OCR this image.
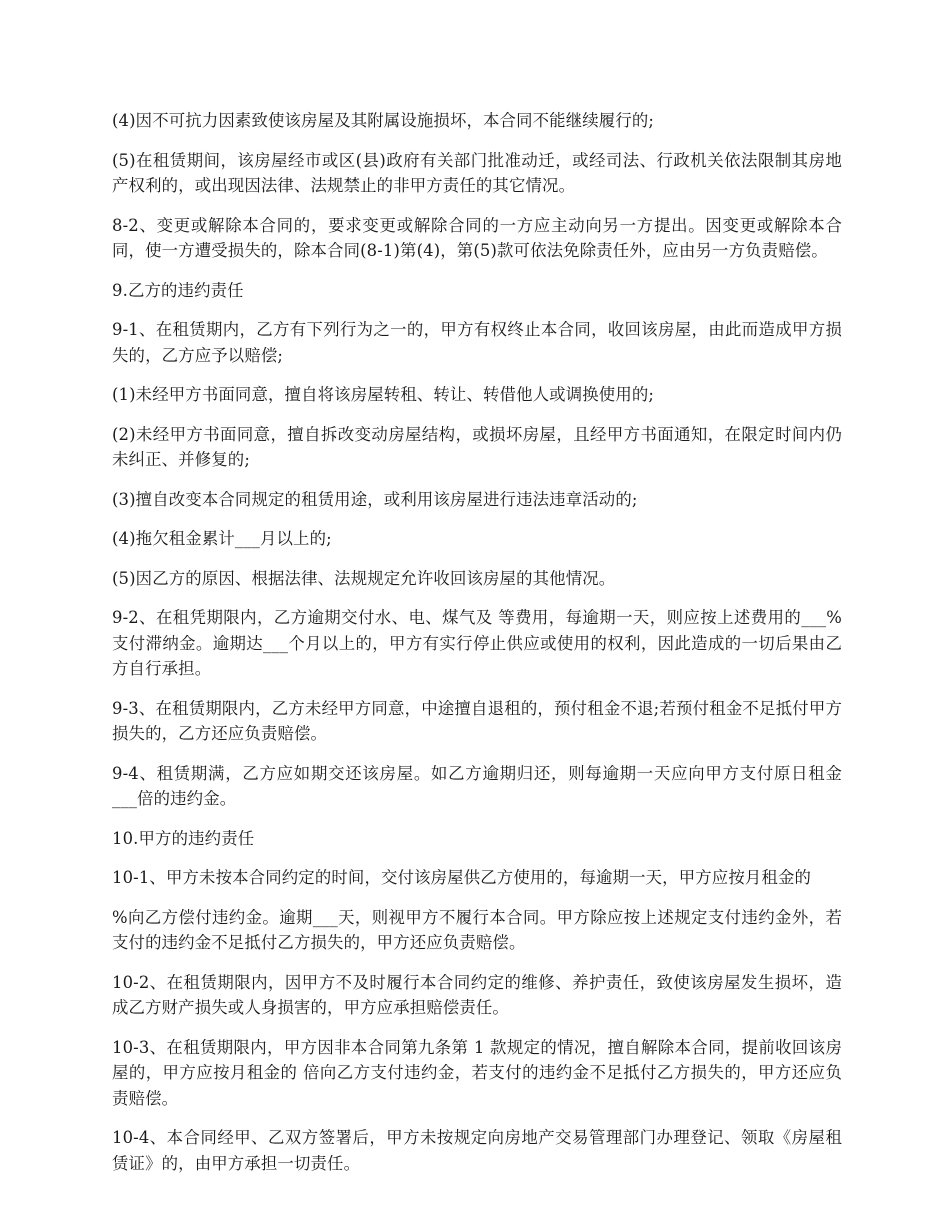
(4)因不可抗力因素致使该房屋及其附属设施损坏，本合同不能继续履行的;

(5)在租赁期间，该房屋经市或区(县)政府有关部门批准动迁，或经司法、行政机关依法限制其房地产权利的，或出现因法律、法规禁止的非甲方责任的其它情况。

8-2、变更或解除本合同的，要求变更或解除合同的一方应主动向另一方提出。因变更或解除本合同，使一方遭受损失的，除本合同(8-1)第(4)，第(5)款可依法免除责任外，应由另一方负责赔偿。

9.乙方的违约责任

9-1、在租赁期内，乙方有下列行为之一的，甲方有权终止本合同，收回该房屋，由此而造成甲方损失的，乙方应予以赔偿;

(1)未经甲方书面同意，擅自将该房屋转租、转让、转借他人或调换使用的;

(2)未经甲方书面同意，擅自拆改变动房屋结构，或损坏房屋，且经甲方书面通知，在限定时间内仍未纠正、并修复的;

(3)擅自改变本合同规定的租赁用途，或利用该房屋进行违法违章活动的;

(4)拖欠租金累计___月以上的;

(5)因乙方的原因、根据法律、法规规定允许收回该房屋的其他情况。

9-2、在租凭期限内，乙方逾期交付水、电、煤气及 等费用，每逾期一天，则应按上述费用的___%支付滞纳金。逾期达___个月以上的，甲方有实行停止供应或使用的权利，因此造成的一切后果由乙方自行承担。

9-3、在租赁期限内，乙方未经甲方同意，中途擅自退租的，预付租金不退;若预付租金不足抵付甲方损失的，乙方还应负责赔偿。

9-4、租赁期满，乙方应如期交还该房屋。如乙方逾期归还，则每逾期一天应向甲方支付原日租金___倍的违约金。

10.甲方的违约责任

10-1、甲方未按本合同约定的时间，交付该房屋供乙方使用的，每逾期一天，甲方应按月租金的

%向乙方偿付违约金。逾期___天，则视甲方不履行本合同。甲方除应按上述规定支付违约金外，若支付的违约金不足抵付乙方损失的，甲方还应负责赔偿。

10-2、在租赁期限内，因甲方不及时履行本合同约定的维修、养护责任，致使该房屋发生损坏，造成乙方财产损失或人身损害的，甲方应承担赔偿责任。

10-3、在租赁期限内，甲方因非本合同第九条第 1 款规定的情况，擅自解除本合同，提前收回该房屋的，甲方应按月租金的 倍向乙方支付违约金，若支付的违约金不足抵付乙方损失的，甲方还应负责赔偿。

10-4、本合同经甲、乙双方签署后，甲方未按规定向房地产交易管理部门办理登记、领取《房屋租赁证》的，由甲方承担一切责任。
